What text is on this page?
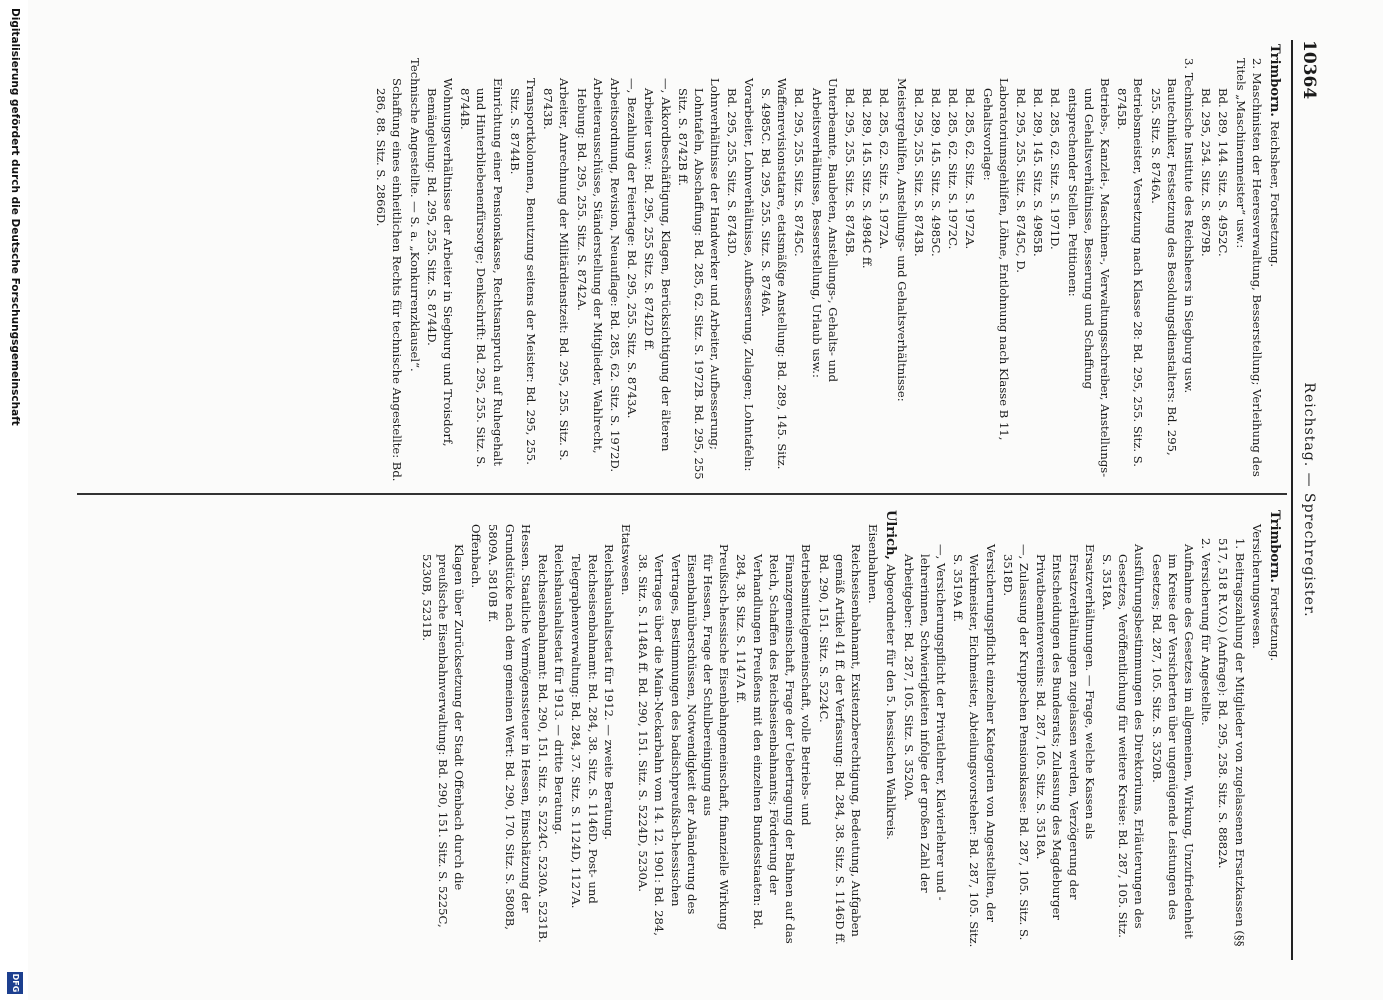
10364
Reichstag. — Sprechregister.

Trimborn.Reichsheer, Fortsetzung.

2. Maschinisten der Heeresverwaltung, Besserstellung; Verleihung des Titels „Maschinenmeister“ usw.:

Bd. 289, 144. Sitz. S. 4952C.

Bd. 295, 254. Sitz. S. 8679B.

3. Technische Institute des Reichsheers in Siegburg usw.

Bautechniker, Festsetzung des Besoldungsdienstalters: Bd. 295, 255. Sitz. S. 8746A.

Betriebsmeister, Versetzung nach Klasse 28: Bd. 295, 255. Sitz. S. 8745B.

Betriebs-, Kanzlei-, Maschinen-, Verwaltungsschreiber, Anstellungs- und Gehaltsverhältnisse, Besserung und Schaffung entsprechender Stellen. Petitionen:

Bd. 285, 62. Sitz. S. 1971D.

Bd. 289, 145. Sitz. S. 4985B.

Bd. 295, 255. Sitz. S. 8745C, D.

Laboratoriumsgehilfen, Löhne, Entlohnung nach Klasse B 11, Gehaltsvorlage:

Bd. 285, 62. Sitz. S. 1972A.

Bd. 285, 62. Sitz. S. 1972C.

Bd. 289, 145. Sitz. S. 4985C.

Bd. 295, 255. Sitz. S. 8743B.

Meistergehilfen, Anstellungs- und Gehaltsverhältnisse:

Bd. 285, 62. Sitz. S. 1972A.

Bd. 289, 145. Sitz. S. 4984C ff.

Bd. 295, 255. Sitz. S. 8745B.

Unterbeamte, Baubeten, Anstellungs-, Gehalts- und Arbeitsverhältnisse, Besserstellung, Urlaub usw.:

Bd. 295, 255. Sitz. S. 8745C.

Waffenrevisionstatare, etatsmäßige Anstellung: Bd. 289, 145. Sitz. S. 4985C. Bd. 295, 255. Sitz. S. 8746A.

Vorarbeiter, Lohnverhältnisse, Aufbesserung, Zulagen; Lohntafeln: Bd. 295, 255. Sitz. S. 8743D.

Lohnverhältnisse der Handwerker und Arbeiter, Aufbesserung; Lohntafeln, Abschaffung: Bd. 285, 62. Sitz. S. 1972B. Bd. 295, 255 Sitz. S. 8742B ff.

—, Akkordbeschäftigung, Klagen, Berücksichtigung der älteren Arbeiter usw.: Bd. 295, 255 Sitz. S. 8742D ff.

—, Bezahlung der Feiertage: Bd. 295, 255. Sitz. S. 8743A.

Arbeitsordnung, Revision, Neuauflage: Bd. 285, 62. Sitz. S. 1972D.

Arbeiterausschüsse, Ständerstellung der Mitglieder, Wahlrecht, Hebung: Bd. 295, 255. Sitz. S. 8742A.

Arbeiter, Anrechnung der Militärdienstzeit: Bd. 295, 255. Sitz. S. 8743B.

Transportkolonnen, Benutzung seitens der Meister: Bd. 295, 255. Sitz. S. 8744B.

Einrichtung einer Pensionskasse, Rechtsanspruch auf Ruhegehalt und Hinterbliebenenfürsorge; Denkschrift: Bd. 295, 255. Sitz. S. 8744B.

Wohnungsverhältnisse der Arbeiter in Siegburg und Troisdorf, Bemängelung: Bd. 295, 255. Sitz. S. 8744D.

Technische Angestellte. — S. a. „Konkurrenzklausel“.

Schaffung eines einheitlichen Rechts für technische Angestellte: Bd. 286, 88. Sitz. S. 2866D.

Trimborn.Fortsetzung.

Versicherungswesen.

1. Beitragszahlung der Mitglieder von zugelassenen Ersatzkassen (§§ 517, 518 R.V.O.) (Anfrage): Bd. 295, 258. Sitz. S. 8882A.

2. Versicherung für Angestellte.

Aufnahme des Gesetzes im allgemeinen, Wirkung, Unzufriedenheit im Kreise der Versicherten über ungenügende Leistungen des Gesetzes; Bd. 287, 105. Sitz. S. 3520B.

Ausführungsbestimmungen des Direktoriums, Erläuterungen des Gesetzes, Veröffentlichung für weitere Kreise: Bd. 287, 105. Sitz. S. 3518A.

Ersatzverhältnungen. — Frage, welche Kassen als Ersatzverhältnungen zugelassen werden, Verzögerung der Entscheidungen des Bundesrats; Zulassung des Magdeburger Privatbeamtenvereins: Bd. 287, 105. Sitz. S. 3518A.

—, Zulassung der Kruppschen Pensionskasse: Bd. 287, 105. Sitz. S. 3518D.

Versicherungspflicht einzelner Kategorien von Angestellten, der Werkmeister, Eichmeister, Abteilungsvorsteher: Bd. 287, 105. Sitz. S. 3519A ff.

—, Versicherungspflicht der Privatlehrer, Klavierlehrer und -lehrerinnen, Schwierigkeiten infolge der großen Zahl der Arbeitgeber: Bd. 287, 105. Sitz. S. 3520A.

Ulrich,Abgeordneter für den 5. hessischen Wahlkreis.

Eisenbahnen.

Reichseisenbahnamt, Existenzberechtigung, Bedeutung, Aufgaben gemäß Artikel 41 ff. der Verfassung: Bd. 284, 38. Sitz. S. 1146D ff. Bd. 290, 151. Sitz. S. 5224C.

Betriebsmittelgemeinschaft, volle Betriebs- und Finanzgemeinschaft, Frage der Uebertragung der Bahnen auf das Reich, Schaffen des Reichseisenbahnamts; Förderung der Verhandlungen Preußens mit den einzelnen Bundesstaaten: Bd. 284, 38. Sitz. S. 1147A ff.

Preußisch-hessische Eisenbahngemeinschaft, finanzielle Wirkung für Hessen, Frage der Schulbereinigung aus Eisenbahnüberschüssen, Notwendigkeit der Abänderung des Vertrages, Bestimmungen des badischpreußisch-hessischen Vertrages über die Main-Neckarbahn vom 14. 12. 1901: Bd. 284, 38. Sitz. S. 1148A ff. Bd. 290, 151. Sitz. S. 5224D, 5230A.

Etatswesen.

Reichshaushaltsetat für 1912. — zweite Beratung. Reichseisenbahnamt: Bd. 284, 38. Sitz. S. 1146D. Post- und Telegraphenverwaltung: Bd. 284, 37. Sitz. S. 1124D, 1127A.

Reichshaushaltsetat für 1913. — dritte Beratung. Reichseisenbahnamt: Bd. 290, 151. Sitz. S. 5224C. 5230A. 5231B.

Hessen. Staatliche Vermögenssteuer in Hessen, Einschätzung der Grundstücke nach dem gemeinen Wert: Bd. 290, 170. Sitz. S. 5808B, 5809A. 5810B ff.

Offenbach.

Klagen über Zurücksetzung der Stadt Offenbach durch die preußische Eisenbahnverwaltung: Bd. 290, 151. Sitz. S. 5225C, 5230B, 5231B.

Digitalisierung gefördert durch die Deutsche Forschungsgemeinschaft
DFG
